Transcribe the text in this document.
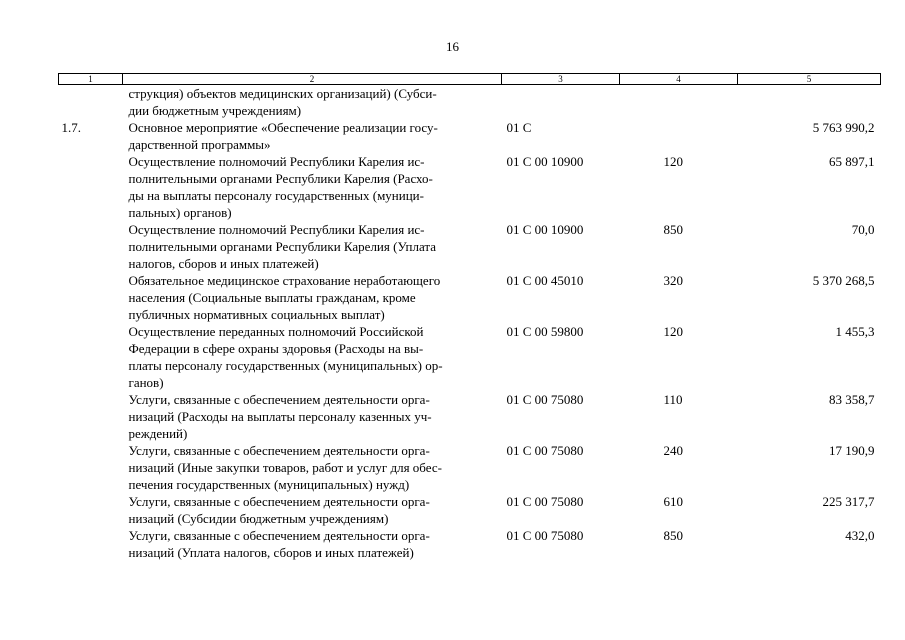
16
1	2	3	4	5
	струкция) объектов медицинских организаций) (Субси-
дии бюджетным учреждениям)			
1.7.	Основное мероприятие «Обеспечение реализации госу-
дарственной программы»	01 С		5 763 990,2
	Осуществление полномочий Республики Карелия ис-
полнительными органами Республики Карелия (Расхо-
ды на выплаты персоналу государственных (муници-
пальных) органов)	01 С 00 10900	120	65 897,1
	Осуществление полномочий Республики Карелия ис-
полнительными органами Республики Карелия (Уплата
налогов, сборов и иных платежей)	01 С 00 10900	850	70,0
	Обязательное медицинское страхование неработающего
населения (Социальные выплаты гражданам, кроме
публичных нормативных социальных выплат)	01 С 00 45010	320	5 370 268,5
	Осуществление переданных полномочий Российской
Федерации в сфере охраны здоровья (Расходы на вы-
платы персоналу государственных (муниципальных) ор-
ганов)	01 С 00 59800	120	1 455,3
	Услуги, связанные с обеспечением деятельности орга-
низаций (Расходы на выплаты персоналу казенных уч-
реждений)	01 С 00 75080	110	83 358,7
	Услуги, связанные с обеспечением деятельности орга-
низаций (Иные закупки товаров, работ и услуг для обес-
печения государственных (муниципальных) нужд)	01 С 00 75080	240	17 190,9
	Услуги, связанные с обеспечением деятельности орга-
низаций (Субсидии бюджетным учреждениям)	01 С 00 75080	610	225 317,7
	Услуги, связанные с обеспечением деятельности орга-
низаций (Уплата налогов, сборов и иных платежей)	01 С 00 75080	850	432,0
